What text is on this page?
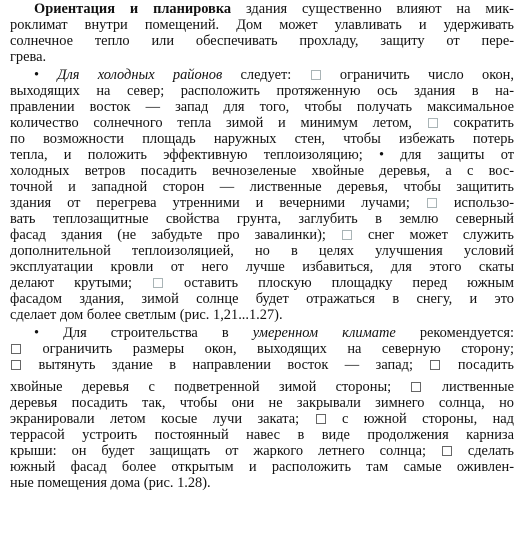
Ориентация и планировка здания существенно влияют на мик-
роклимат внутри помещений. Дом может улавливать и удерживать
солнечное тепло или обеспечивать прохладу, защиту от пере-
грева.
• Для холодных районов следует:	ограничить число окон,
выходящих на север; расположить протяженную ось здания в на-
правлении восток — запад для того, чтобы получать максимальное
количество солнечного тепла зимой и минимум летом,	сократить
по возможности площадь наружных стен, чтобы избежать потерь
тепла, и положить эффективную теплоизоляцию; • для защиты от
холодных ветров посадить вечнозеленые хвойные деревья, а с вос-
точной и западной сторон — лиственные деревья, чтобы защитить
здания от перегрева утренними и вечерними лучами;	использо-
вать теплозащитные свойства грунта, заглубить в землю северный
фасад здания (не забудьте про завалинки);	снег может служить
дополнительной теплоизоляцией, но в целях улучшения условий
эксплуатации кровли от него лучше избавиться, для этого скаты
делают крутыми;	оставить плоскую площадку перед южным
фасадом здания, зимой солнце будет отражаться в снегу, и это
сделает дом более светлым (рис. 1,21...1.27).
• Для строительства в умеренном климате рекомендуется:
ограничить размеры окон, выходящих на северную сторону;
вытянуть здание в направлении восток — запад;	посадить
хвойные деревья с подветренной зимой стороны;	лиственные
деревья посадить так, чтобы они не закрывали зимнего солнца, но
экранировали летом косые лучи заката;	с южной стороны, над
террасой устроить постоянный навес в виде продолжения карниза
крыши: он будет защищать от жаркого летнего солнца;	сделать
южный фасад более открытым и расположить там самые оживлен-
ные помещения дома (рис. 1.28).
